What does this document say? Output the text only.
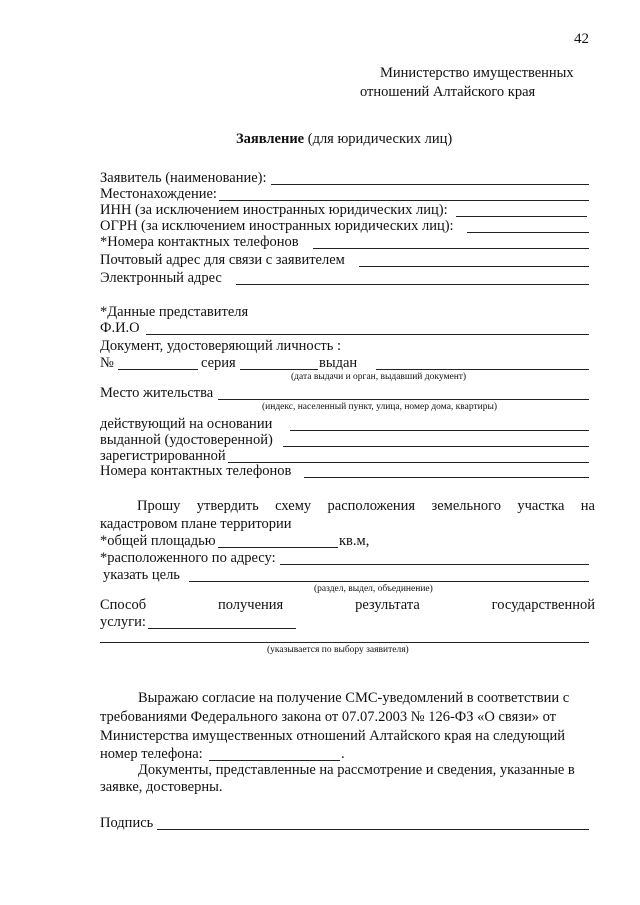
42
Министерство имущественных
отношений Алтайского края
Заявление (для юридических лиц)
Заявитель (наименование):
Местонахождение:
ИНН (за исключением иностранных юридических лиц):
ОГРН (за исключением иностранных юридических лиц):
*Номера контактных телефонов
Почтовый адрес для связи с заявителем
Электронный адрес
*Данные представителя
Ф.И.О
Документ, удостоверяющий личность :
№	серия	выдан
(дата выдачи и орган, выдавший документ)
Место жительства
(индекс, населенный пункт, улица, номер дома, квартиры)
действующий на основании
выданной (удостоверенной)
зарегистрированной
Номера контактных телефонов
Прошу утвердить схему расположения земельного участка на
кадастровом плане территории
*общей площадью	кв.м,
*расположенного по адресу:
указать цель
(раздел, выдел, объединение)
Способ	получения	результата	государственной
услуги:
(указывается по выбору заявителя)
Выражаю согласие на получение СМС-уведомлений в соответствии с
требованиями Федерального закона от 07.07.2003 № 126-ФЗ «О связи» от
Министерства имущественных отношений Алтайского края на следующий
номер телефона:	.
Документы, представленные на рассмотрение и сведения, указанные в
заявке, достоверны.
Подпись
